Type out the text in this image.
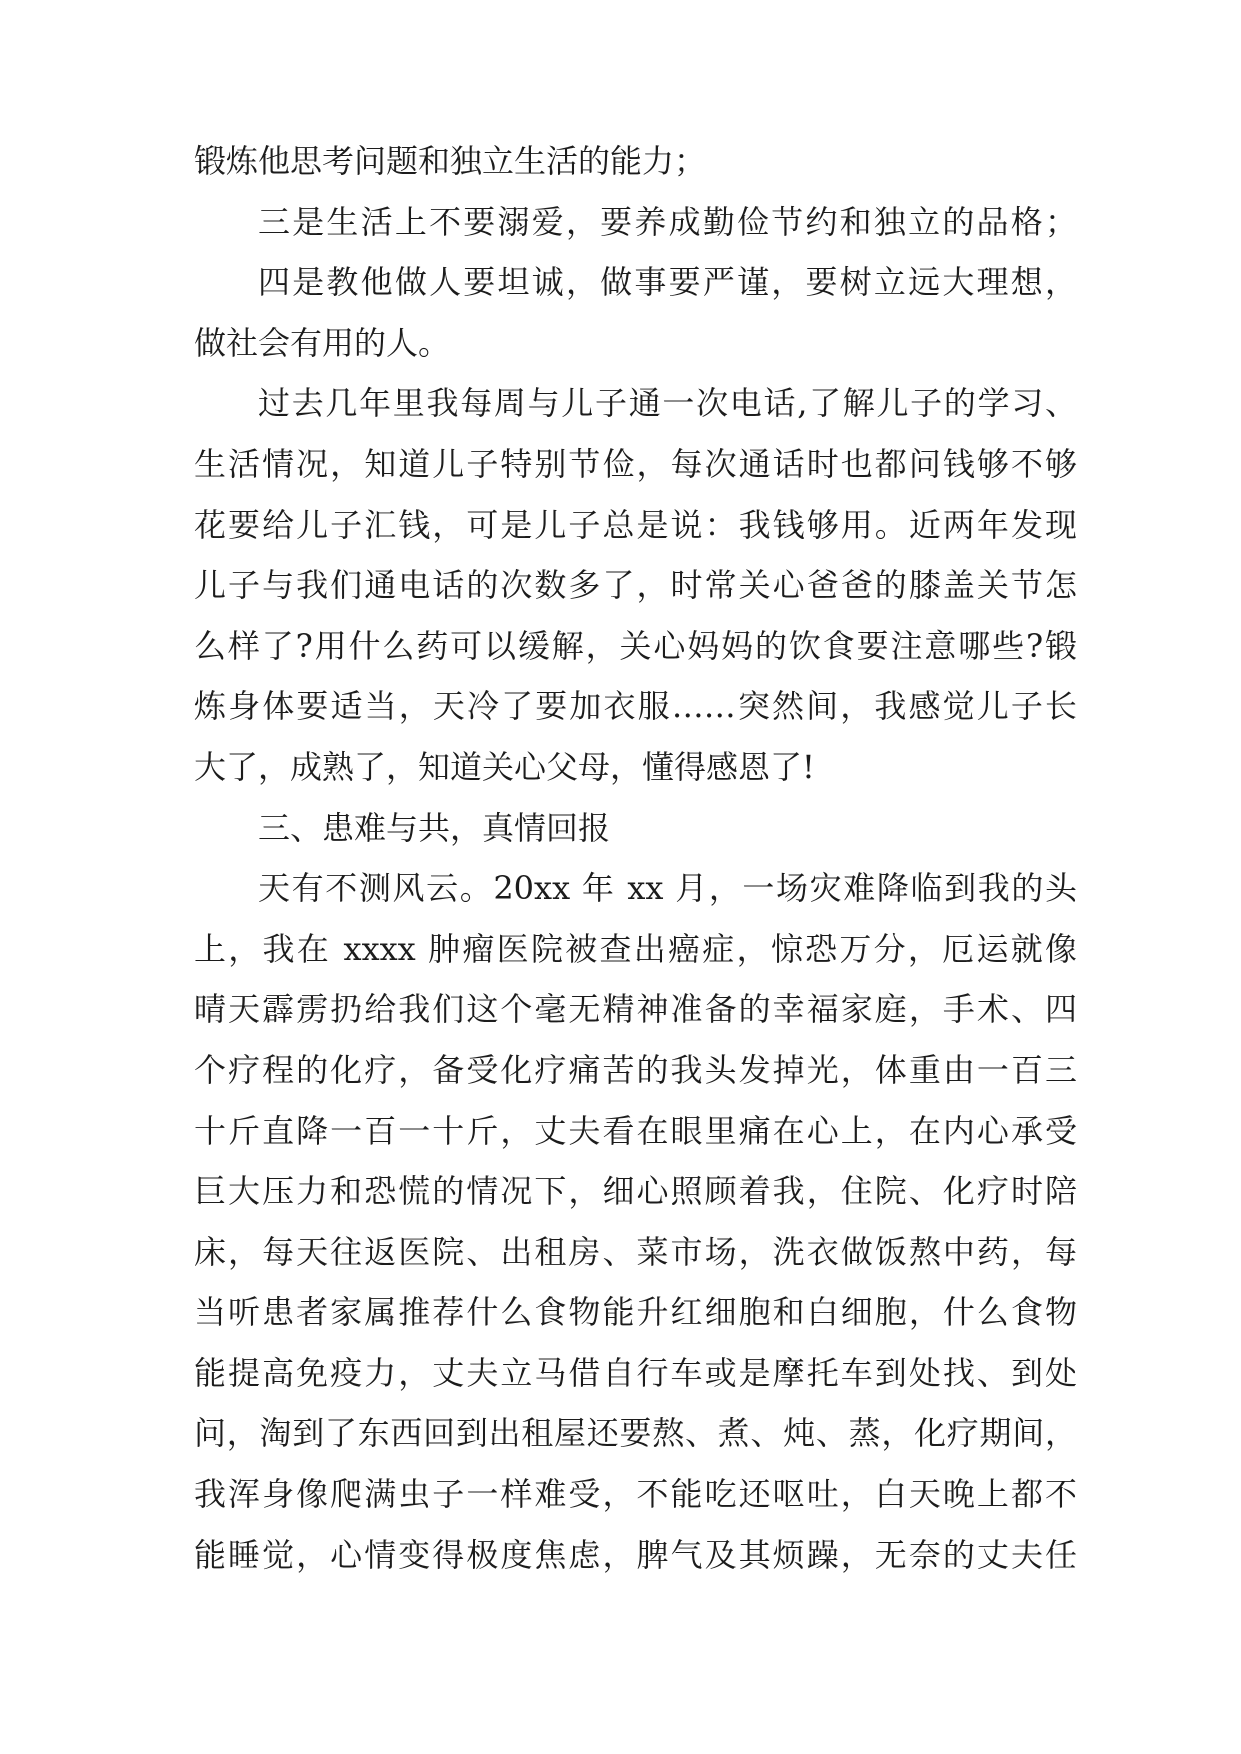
锻炼他思考问题和独立生活的能力；
三是生活上不要溺爱，要养成勤俭节约和独立的品格；
四是教他做人要坦诚，做事要严谨，要树立远大理想，
做社会有用的人。
过去几年里我每周与儿子通一次电话,了解儿子的学习、
生活情况，知道儿子特别节俭，每次通话时也都问钱够不够
花要给儿子汇钱，可是儿子总是说：我钱够用。近两年发现
儿子与我们通电话的次数多了，时常关心爸爸的膝盖关节怎
么样了?用什么药可以缓解，关心妈妈的饮食要注意哪些?锻
炼身体要适当，天冷了要加衣服……突然间，我感觉儿子长
大了，成熟了，知道关心父母，懂得感恩了!
三、患难与共，真情回报
天有不测风云。20xx 年 xx 月，一场灾难降临到我的头
上，我在 xxxx 肿瘤医院被查出癌症，惊恐万分，厄运就像
晴天霹雳扔给我们这个毫无精神准备的幸福家庭，手术、四
个疗程的化疗，备受化疗痛苦的我头发掉光，体重由一百三
十斤直降一百一十斤，丈夫看在眼里痛在心上，在内心承受
巨大压力和恐慌的情况下，细心照顾着我，住院、化疗时陪
床，每天往返医院、出租房、菜市场，洗衣做饭熬中药，每
当听患者家属推荐什么食物能升红细胞和白细胞，什么食物
能提高免疫力，丈夫立马借自行车或是摩托车到处找、到处
问，淘到了东西回到出租屋还要熬、煮、炖、蒸，化疗期间，
我浑身像爬满虫子一样难受，不能吃还呕吐，白天晚上都不
能睡觉，心情变得极度焦虑，脾气及其烦躁，无奈的丈夫任
